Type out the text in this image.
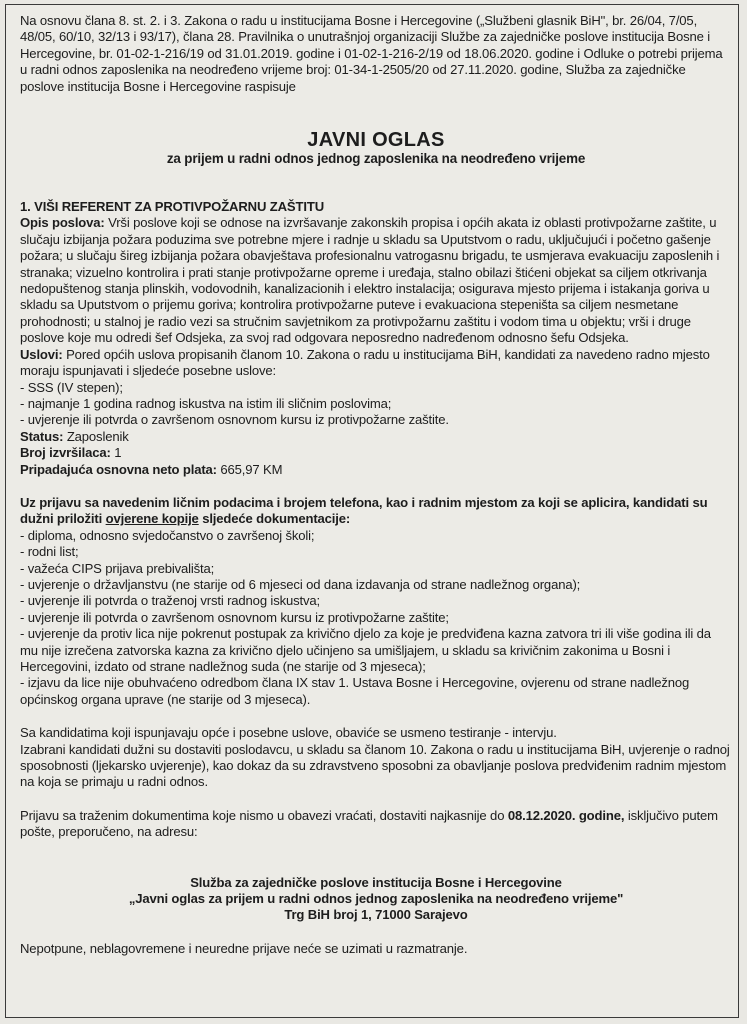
Na osnovu člana 8. st. 2. i 3. Zakona o radu u institucijama Bosne i Hercegovine („Službeni glasnik BiH", br. 26/04, 7/05, 48/05, 60/10, 32/13 i 93/17), člana 28. Pravilnika o unutrašnjoj organizaciji Službe za zajedničke poslove institucija Bosne i Hercegovine, br. 01-02-1-216/19 od 31.01.2019. godine i 01-02-1-216-2/19 od 18.06.2020. godine i Odluke o potrebi prijema u radni odnos zaposlenika na neodređeno vrijeme broj: 01-34-1-2505/20 od 27.11.2020. godine, Služba za zajedničke poslove institucija Bosne i Hercegovine raspisuje

JAVNI OGLAS

za prijem u radni odnos jednog zaposlenika na neodređeno vrijeme

1. VIŠI REFERENT ZA PROTIVPOŽARNU ZAŠTITU

Opis poslova: Vrši poslove koji se odnose na izvršavanje zakonskih propisa i općih akata iz oblasti protivpožarne zaštite, u slučaju izbijanja požara poduzima sve potrebne mjere i radnje u skladu sa Uputstvom o radu, uključujući i početno gašenje požara; u slučaju šireg izbijanja požara obavještava profesionalnu vatrogasnu brigadu, te usmjerava evakuaciju zaposlenih i stranaka; vizuelno kontrolira i prati stanje protivpožarne opreme i uređaja, stalno obilazi štićeni objekat sa ciljem otkrivanja nedopuštenog stanja plinskih, vodovodnih, kanalizacionih i elektro instalacija; osigurava mjesto prijema i istakanja goriva u skladu sa Uputstvom o prijemu goriva; kontrolira protivpožarne puteve i evakuaciona stepeništa sa ciljem nesmetane prohodnosti; u stalnoj je radio vezi sa stručnim savjetnikom za protivpožarnu zaštitu i vodom tima u objektu; vrši i druge poslove koje mu odredi šef Odsjeka, za svoj rad odgovara neposredno nadređenom odnosno šefu Odsjeka.

Uslovi: Pored općih uslova propisanih članom 10. Zakona o radu u institucijama BiH, kandidati za navedeno radno mjesto moraju ispunjavati i sljedeće posebne uslove:

- SSS (IV stepen);

- najmanje 1 godina radnog iskustva na istim ili sličnim poslovima;

- uvjerenje ili potvrda o završenom osnovnom kursu iz protivpožarne zaštite.

Status: Zaposlenik

Broj izvršilaca: 1

Pripadajuća osnovna neto plata: 665,97 KM

Uz prijavu sa navedenim ličnim podacima i brojem telefona, kao i radnim mjestom za koji se aplicira, kandidati su dužni priložiti ovjerene kopije sljedeće dokumentacije:

- diploma, odnosno svjedočanstvo o završenoj školi;

- rodni list;

- važeća CIPS prijava prebivališta;

- uvjerenje o državljanstvu (ne starije od 6 mjeseci od dana izdavanja od strane nadležnog organa);

- uvjerenje ili potvrda o traženoj vrsti radnog iskustva;

- uvjerenje ili potvrda o završenom osnovnom kursu iz protivpožarne zaštite;

- uvjerenje da protiv lica nije pokrenut postupak za krivično djelo za koje je predviđena kazna zatvora tri ili više godina ili da mu nije izrečena zatvorska kazna za krivično djelo učinjeno sa umišljajem, u skladu sa krivičnim zakonima u Bosni i Hercegovini, izdato od strane nadležnog suda (ne starije od 3 mjeseca);

- izjavu da lice nije obuhvaćeno odredbom člana IX stav 1. Ustava Bosne i Hercegovine, ovjerenu od strane nadležnog općinskog organa uprave (ne starije od 3 mjeseca).

Sa kandidatima koji ispunjavaju opće i posebne uslove, obaviće se usmeno testiranje - intervju.

Izabrani kandidati dužni su dostaviti poslodavcu, u skladu sa članom 10. Zakona o radu u institucijama BiH, uvjerenje o radnoj sposobnosti (ljekarsko uvjerenje), kao dokaz da su zdravstveno sposobni za obavljanje poslova predviđenim radnim mjestom na koja se primaju u radni odnos.

Prijavu sa traženim dokumentima koje nismo u obavezi vraćati, dostaviti najkasnije do 08.12.2020. godine, isključivo putem pošte, preporučeno, na adresu:

Služba za zajedničke poslove institucija Bosne i Hercegovine

„Javni oglas za prijem u radni odnos jednog zaposlenika na neodređeno vrijeme"

Trg BiH broj 1, 71000 Sarajevo

Nepotpune, neblagovremene i neuredne prijave neće se uzimati u razmatranje.
